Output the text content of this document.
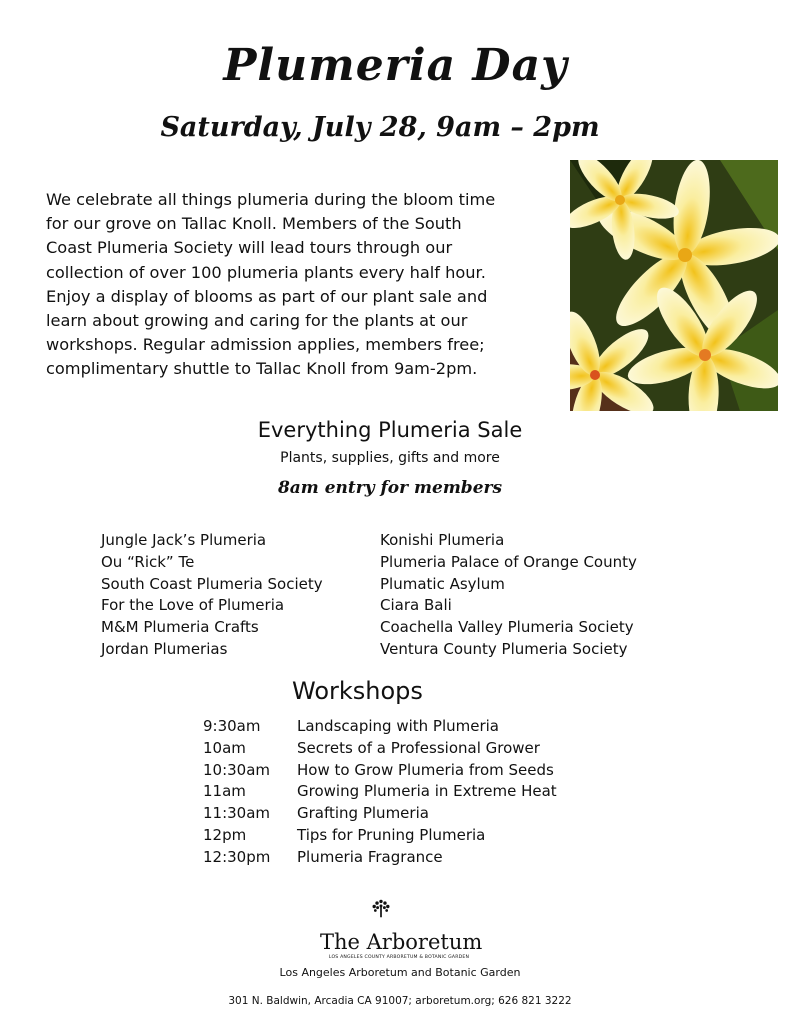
Plumeria Day
Saturday, July 28, 9am – 2pm

We celebrate all things plumeria during the bloom time
for our grove on Tallac Knoll. Members of the South
Coast Plumeria Society will lead tours through our
collection of over 100 plumeria plants every half hour.
Enjoy a display of blooms as part of our plant sale and
learn about growing and caring for the plants at our
workshops. Regular admission applies, members free;
complimentary shuttle to Tallac Knoll from 9am-2pm.

Everything Plumeria Sale
Plants, supplies, gifts and more
8am entry for members
Jungle Jack’s Plumeria
Ou “Rick” Te
South Coast Plumeria Society
For the Love of Plumeria
M&M Plumeria Crafts
Jordan Plumerias
Konishi Plumeria
Plumeria Palace of Orange County
Plumatic Asylum
Ciara Bali
Coachella Valley Plumeria Society
Ventura County Plumeria Society
Workshops
9:30am	Landscaping with Plumeria
10am	Secrets of a Professional Grower
10:30am	How to Grow Plumeria from Seeds
11am	Growing Plumeria in Extreme Heat
11:30am	Grafting Plumeria
12pm	Tips for Pruning Plumeria
12:30pm	Plumeria Fragrance
The Arboretum
LOS ANGELES COUNTY ARBORETUM & BOTANIC GARDEN
Los Angeles Arboretum and Botanic Garden
301 N. Baldwin, Arcadia CA 91007; arboretum.org; 626 821 3222
